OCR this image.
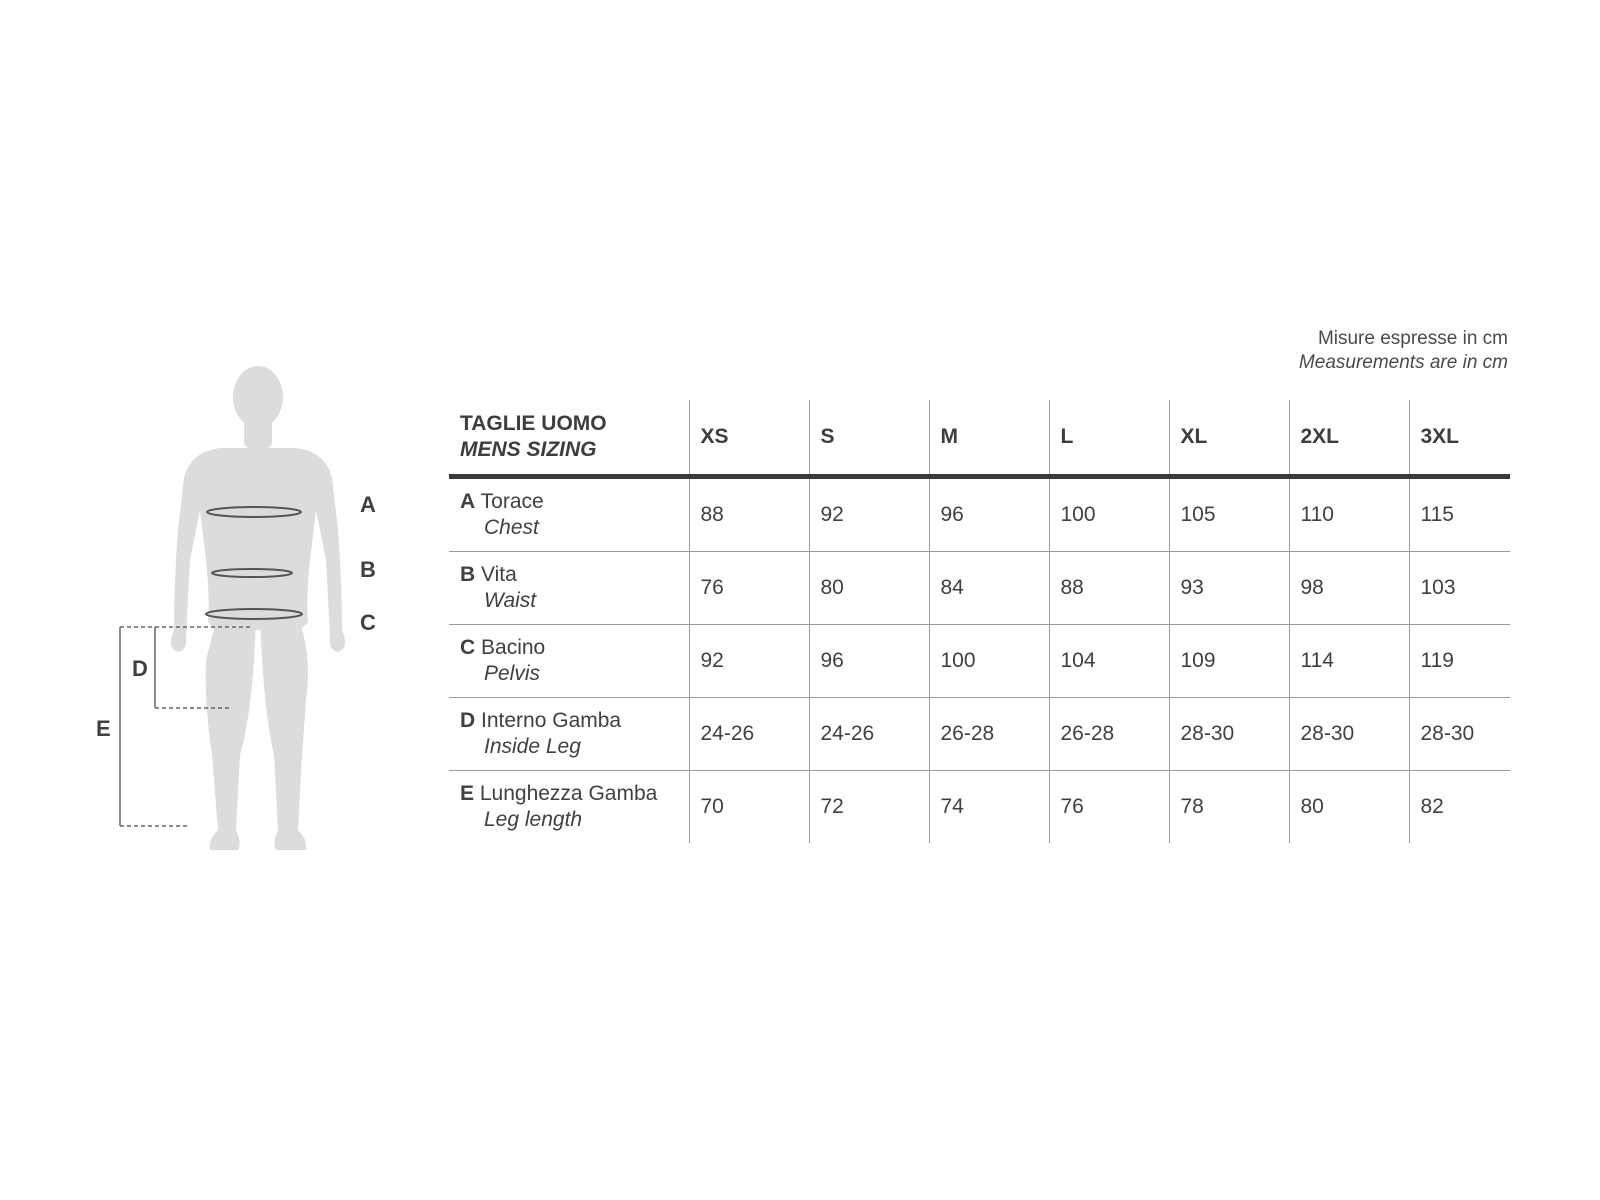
Misure espresse in cm
Measurements are in cm
A
B
C
D
E
TAGLIE UOMO
MENS SIZING	XS	S	M	L	XL	2XL	3XL
A Torace
Chest	88	92	96	100	105	110	115
B Vita
Waist	76	80	84	88	93	98	103
C Bacino
Pelvis	92	96	100	104	109	114	119
D Interno Gamba
Inside Leg	24-26	24-26	26-28	26-28	28-30	28-30	28-30
E Lunghezza Gamba
Leg length	70	72	74	76	78	80	82
